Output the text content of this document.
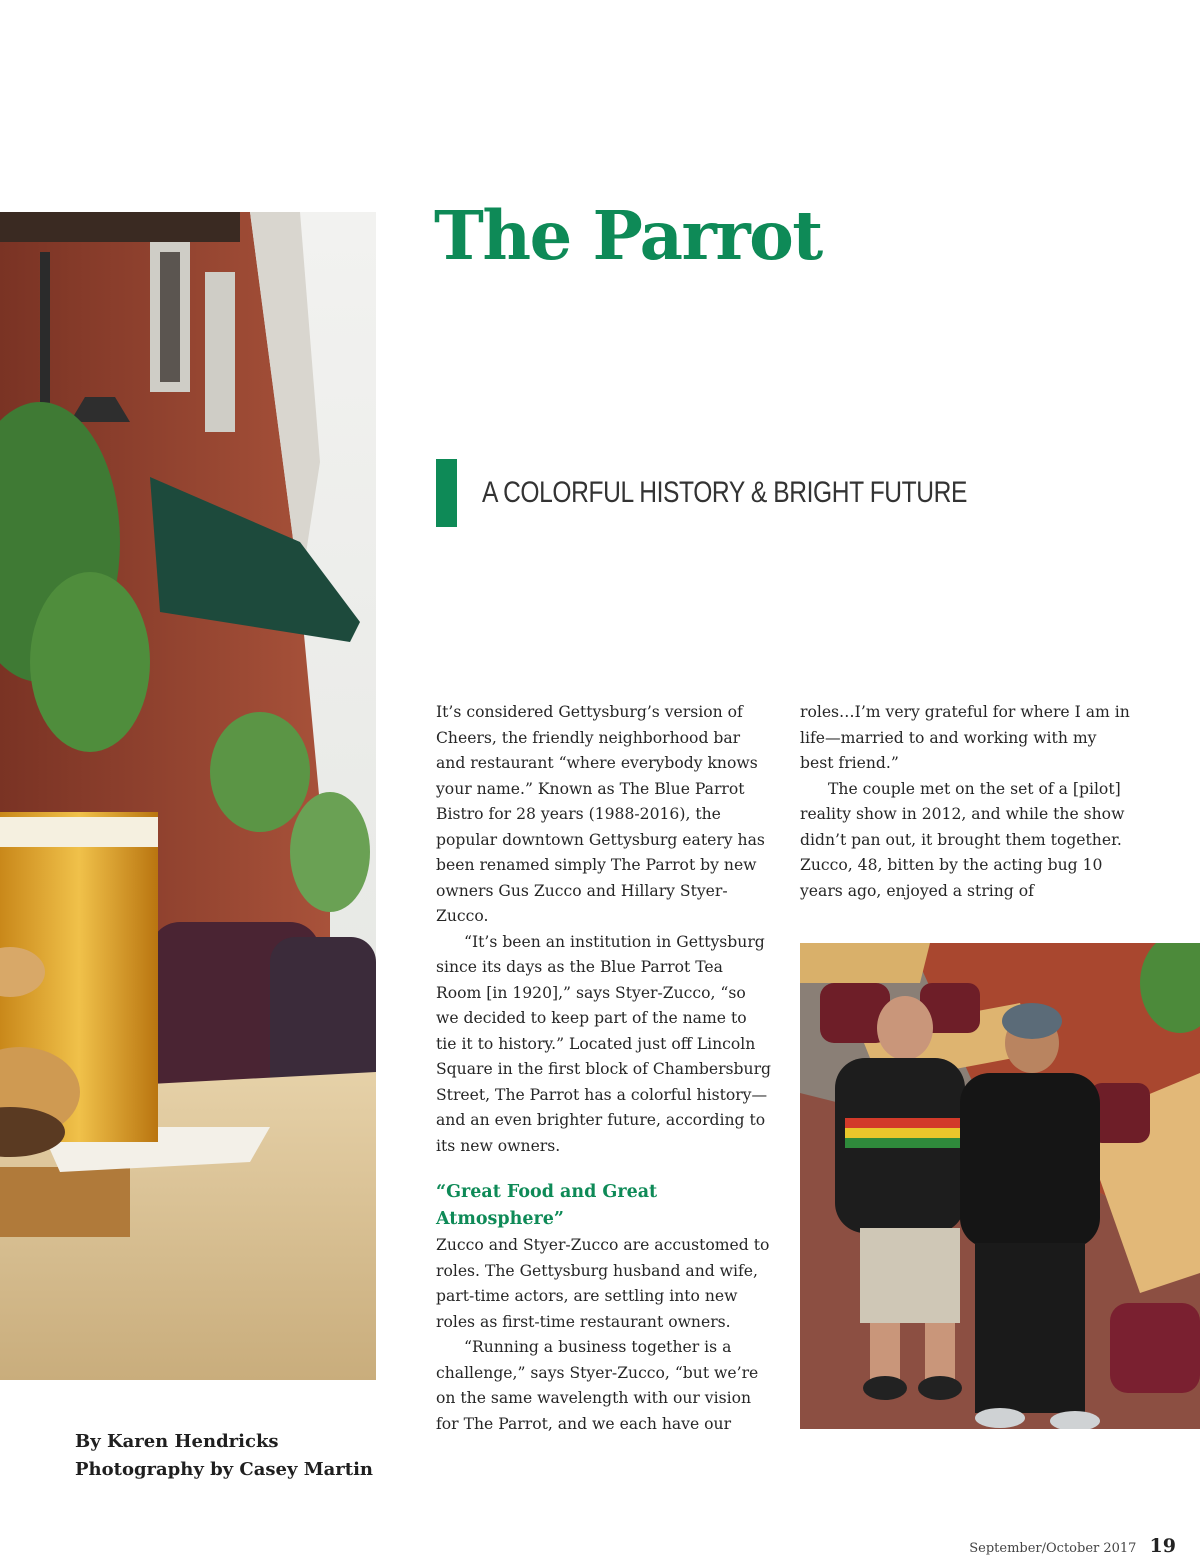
The Parrot
A COLORFUL HISTORY & BRIGHT FUTURE

It’s considered Gettysburg’s version of Cheers, the friendly neighborhood bar and restaurant “where everybody knows your name.” Known as The Blue Parrot Bistro for 28 years (1988-2016), the popular downtown Gettysburg eatery has been renamed simply The Parrot by new owners Gus Zucco and Hillary Styer-Zucco.

“It’s been an institution in Gettysburg since its days as the Blue Parrot Tea Room [in 1920],” says Styer-Zucco, “so we decided to keep part of the name to tie it to history.” Located just off Lincoln Square in the first block of Chambersburg Street, The Parrot has a colorful history—and an even brighter future, according to its new owners.

“Great Food and Great Atmosphere”

Zucco and Styer-Zucco are accustomed to roles. The Gettysburg husband and wife, part-time actors, are settling into new roles as first-time restaurant owners.

“Running a business together is a challenge,” says Styer-Zucco, “but we’re on the same wavelength with our vision for The Parrot, and we each have our

roles…I’m very grateful for where I am in life—married to and working with my best friend.”

The couple met on the set of a [pilot] reality show in 2012, and while the show didn’t pan out, it brought them together. Zucco, 48, bitten by the acting bug 10 years ago, enjoyed a string of

By Karen Hendricks
Photography by Casey Martin
September/October 2017 19
